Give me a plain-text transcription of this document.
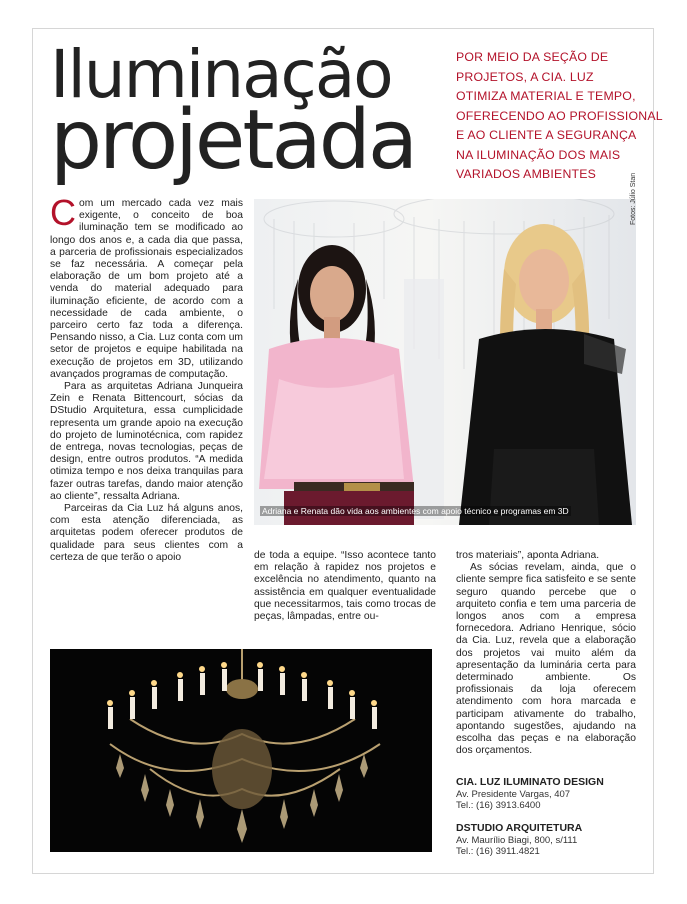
Iluminação
projetada
POR MEIO DA SEÇÃO DE
PROJETOS, A CIA. LUZ
OTIMIZA MATERIAL E TEMPO,
OFERECENDO AO PROFISSIONAL
E AO CLIENTE A SEGURANÇA
NA ILUMINAÇÃO DOS MAIS
VARIADOS AMBIENTES

Com um mercado cada vez mais exigente, o conceito de boa iluminação tem se modificado ao longo dos anos e, a cada dia que passa, a parceria de profissionais especializados se faz necessária. A começar pela elaboração de um bom projeto até a venda do material adequado para iluminação eficiente, de acordo com a necessidade de cada ambiente, o parceiro certo faz toda a diferença. Pensando nisso, a Cia. Luz conta com um setor de projetos e equipe habilitada na execução de projetos em 3D, utilizando avançados programas de computação.

Para as arquitetas Adriana Junqueira Zein e Renata Bittencourt, sócias da DStudio Arquitetura, essa cumplicidade representa um grande apoio na execução do projeto de luminotécnica, com rapidez de entrega, novas tecnologias, peças de design, entre outros produtos. “A medida otimiza tempo e nos deixa tranquilas para fazer outras tarefas, dando maior atenção ao cliente”, ressalta Adriana.

Parceiras da Cia Luz há alguns anos, com esta atenção diferenciada, as arquitetas podem oferecer produtos de qualidade para seus clientes com a certeza de que terão o apoio

Adriana e Renata dão vida aos ambientes com apoio técnico e programas em 3D
Fotos: Júlio Stan

de toda a equipe. “Isso acontece tanto em relação à rapidez nos projetos e excelência no atendimento, quanto na assistência em qualquer eventualidade que necessitarmos, tais como trocas de peças, lâmpadas, entre ou-

tros materiais”, aponta Adriana.

As sócias revelam, ainda, que o cliente sempre fica satisfeito e se sente seguro quando percebe que o arquiteto confia e tem uma parceria de longos anos com a empresa fornecedora. Adriano Henrique, sócio da Cia. Luz, revela que a elaboração dos projetos vai muito além da apresentação da luminária certa para determinado ambiente. Os profissionais da loja oferecem atendimento com hora marcada e participam ativamente do trabalho, apontando sugestões, ajudando na escolha das peças e na elaboração dos orçamentos.

CIA. LUZ ILUMINATO DESIGN
Av. Presidente Vargas, 407
Tel.: (16) 3913.6400
DSTUDIO ARQUITETURA
Av. Maurílio Biagi, 800, s/111
Tel.: (16) 3911.4821
